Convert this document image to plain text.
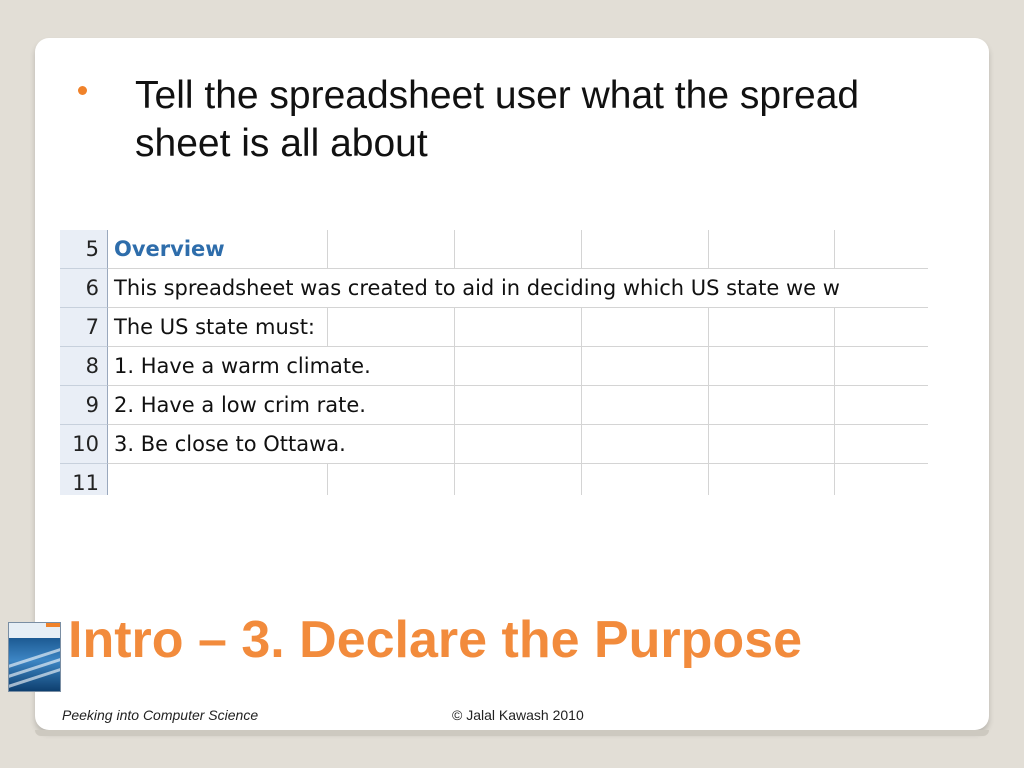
Tell the spreadsheet user what the spread sheet is all about
5 Overview
6 This spreadsheet was created to aid in deciding which US state we w
7 The US state must:
8 1. Have a warm climate.
9 2. Have a low crim rate.
10 3. Be close to Ottawa.
11
Intro – 3. Declare the Purpose
Peeking into Computer Science	© Jalal Kawash 2010
